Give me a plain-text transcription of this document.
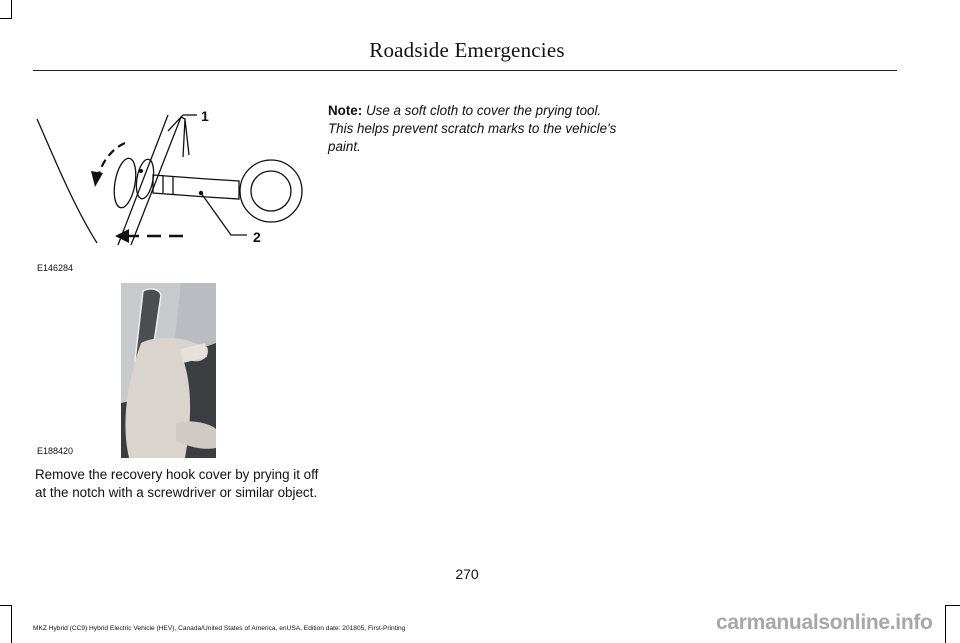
Roadside Emergencies
1
2
E146284
E188420
Remove the recovery hook cover by prying it off at the notch with a screwdriver or similar object.
Note: Use a soft cloth to cover the prying tool. This helps prevent scratch marks to the vehicle's paint.
270
MKZ Hybrid (CC9) Hybrid Electric Vehicle (HEV), Canada/United States of America, enUSA, Edition date: 201805, First-Printing	carmanualsonline.info
